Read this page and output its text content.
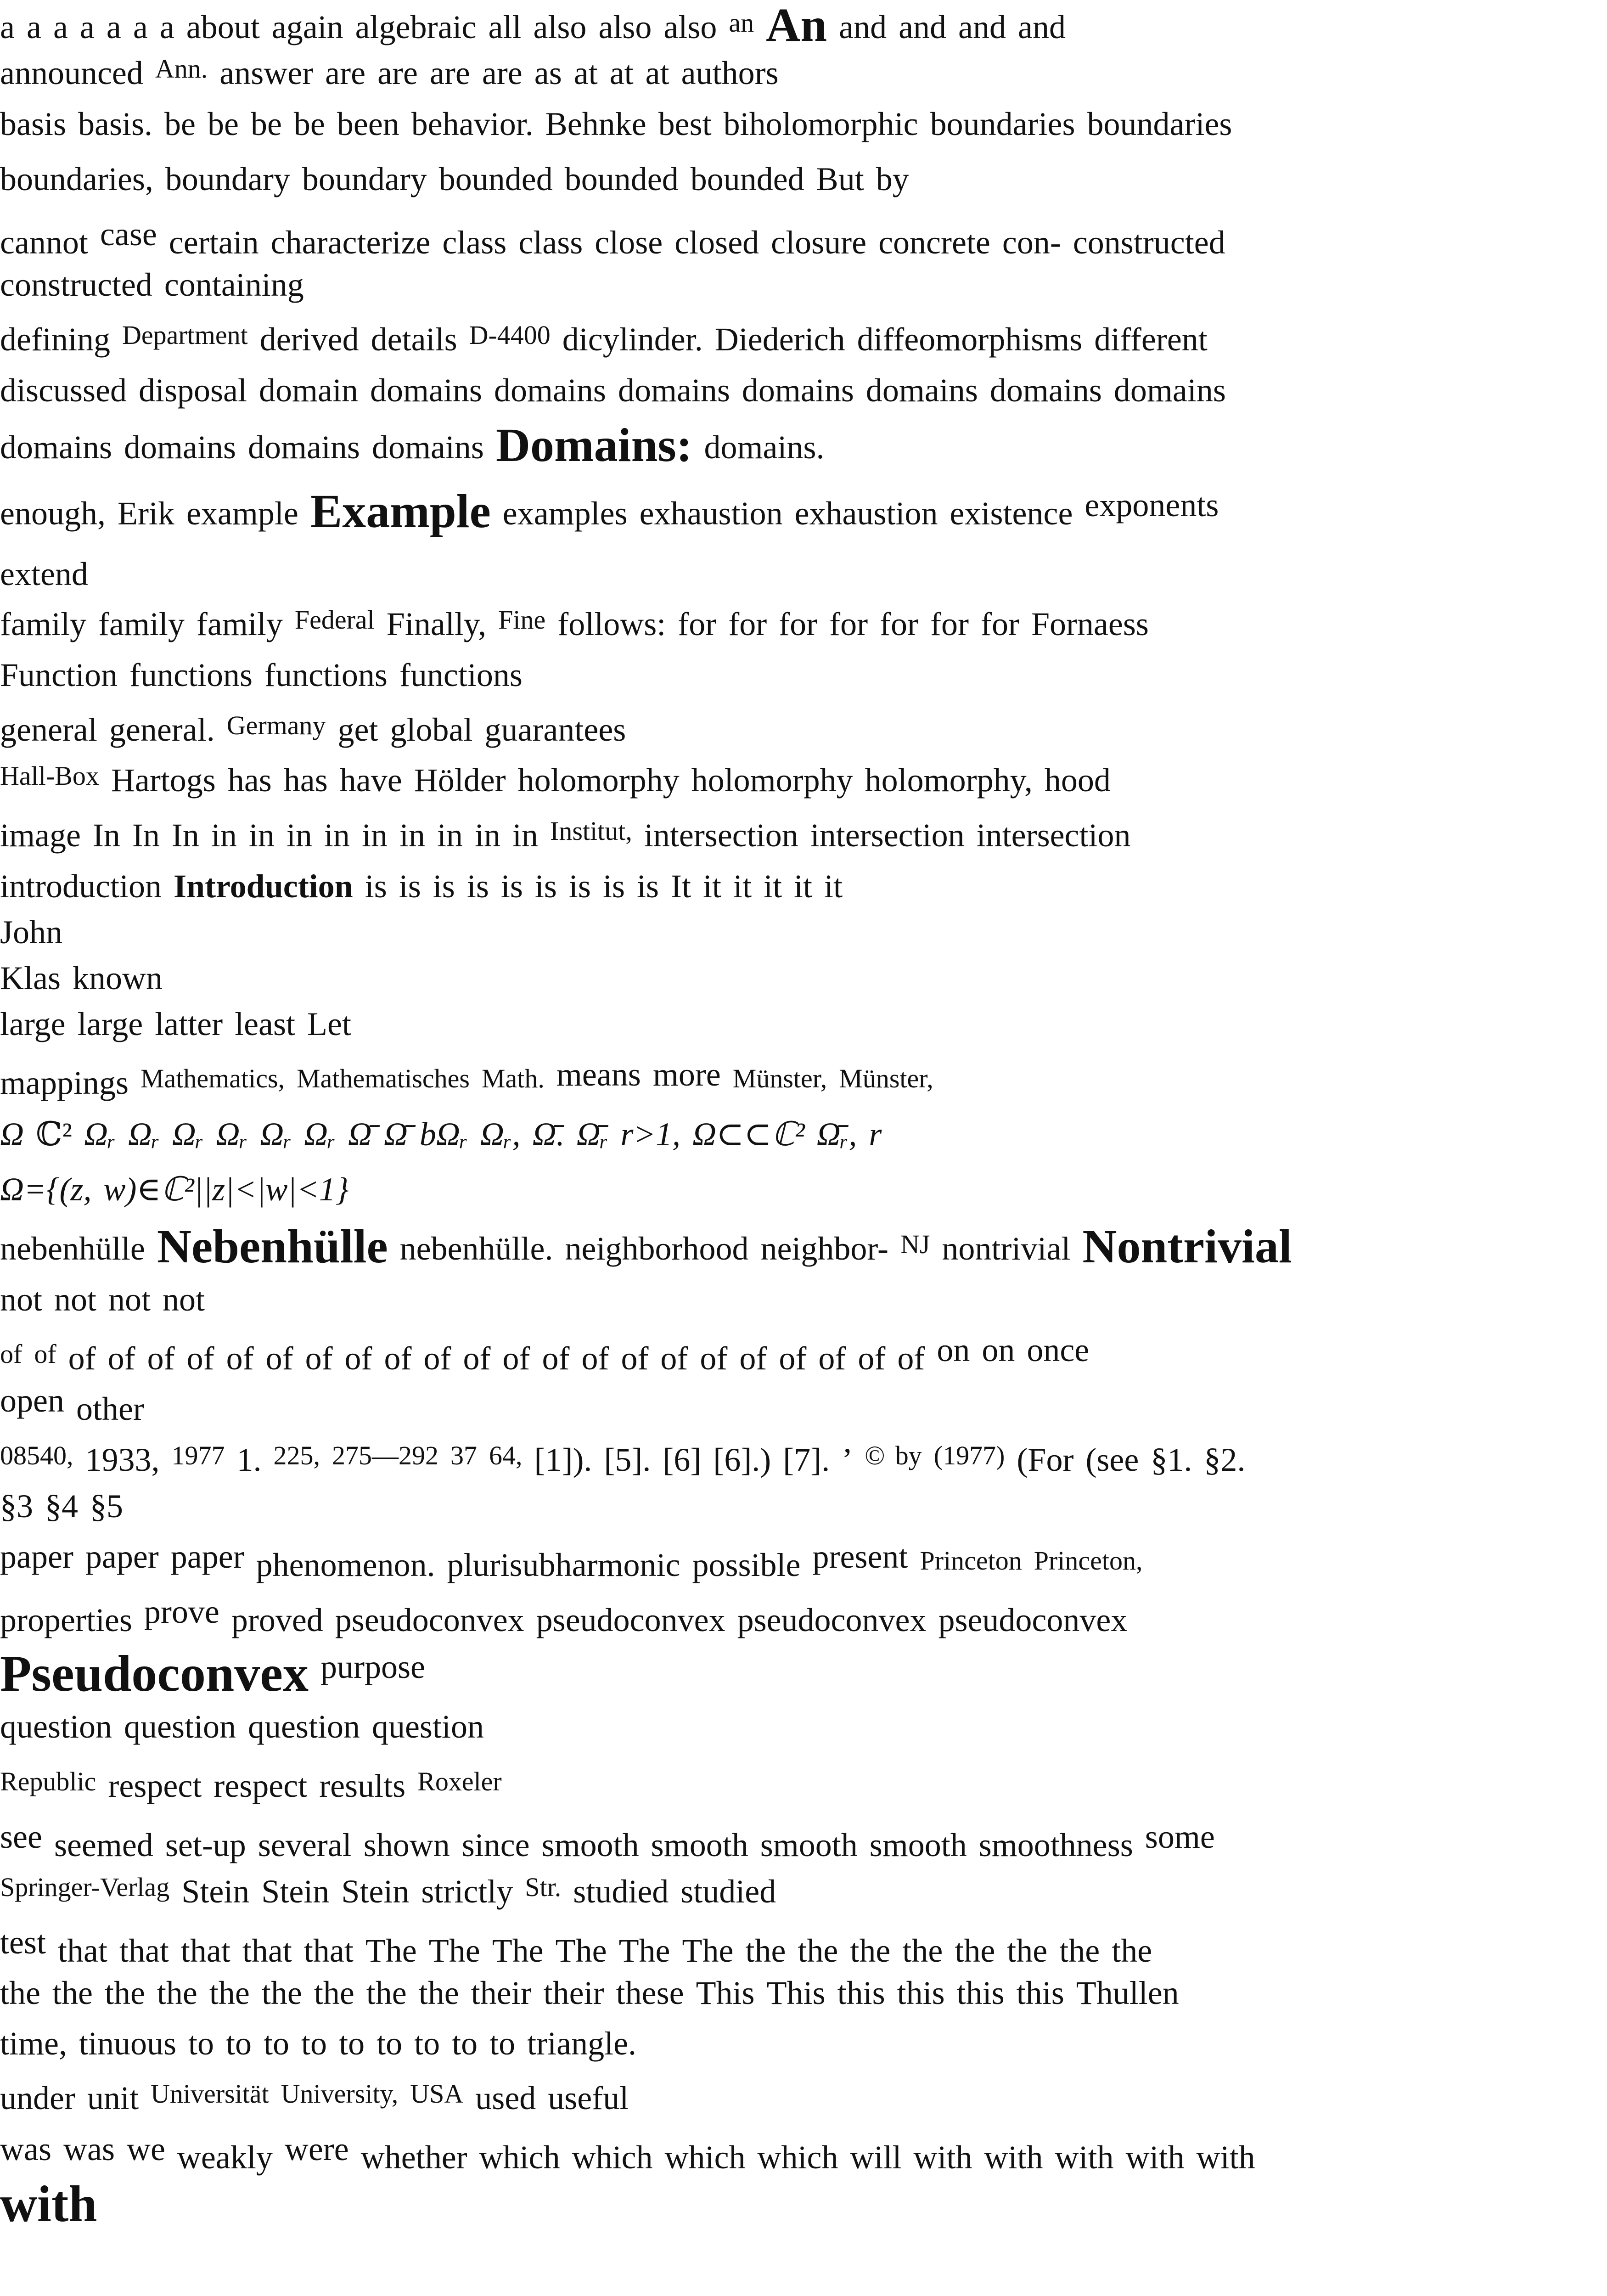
a a a a a a a about again algebraic all also also also an An and and and and
announced Ann. answer are are are are as at at at authors
basis basis. be be be be been behavior. Behnke best biholomorphic boundaries boundaries
boundaries, boundary boundary bounded bounded bounded But by
cannot case certain characterize class class close closed closure concrete con- constructed
constructed containing
defining Department derived details D-4400 dicylinder. Diederich diffeomorphisms different
discussed disposal domain domains domains domains domains domains domains domains
domains domains domains domains Domains: domains.
enough, Erik example Example examples exhaustion exhaustion existence exponents
extend
family family family Federal Finally, Fine follows: for for for for for for for Fornaess
Function functions functions functions
general general. Germany get global guarantees
Hall-Box Hartogs has has have Hölder holomorphy holomorphy holomorphy, hood
image In In In in in in in in in in in in Institut, intersection intersection intersection
introduction Introduction is is is is is is is is is It it it it it it
John
Klas known
large large latter least Let
mappings Mathematics, Mathematisches Math. means more Münster, Münster,
Ω ℂ² Ωᵣ Ωᵣ Ωᵣ Ωᵣ Ωᵣ Ωᵣ Ω̄ Ω̄ bΩᵣ Ωᵣ, Ω̄. Ω̄ᵣ r>1, Ω⊂⊂ℂ² Ω̄ᵣ, r
Ω={(z, w)∈ℂ²||z|<|w|<1}
nebenhülle Nebenhülle nebenhülle. neighborhood neighbor- NJ nontrivial Nontrivial
not not not not
of of of of of of of of of of of of of of of of of of of of of of of of on on once
open other
08540, 1933, 1977 1. 225, 275—292 37 64, [1]). [5]. [6] [6].) [7]. ’ © by (1977) (For (see §1. §2.
§3 §4 §5
paper paper paper phenomenon. plurisubharmonic possible present Princeton Princeton,
properties prove proved pseudoconvex pseudoconvex pseudoconvex pseudoconvex
Pseudoconvex purpose
question question question question
Republic respect respect results Roxeler
see seemed set-up several shown since smooth smooth smooth smooth smoothness some
Springer-Verlag Stein Stein Stein strictly Str. studied studied
test that that that that that The The The The The The the the the the the the the the
the the the the the the the the the their their these This This this this this this Thullen
time, tinuous to to to to to to to to to triangle.
under unit Universität University, USA used useful
was was we weakly were whether which which which which will with with with with with
with
